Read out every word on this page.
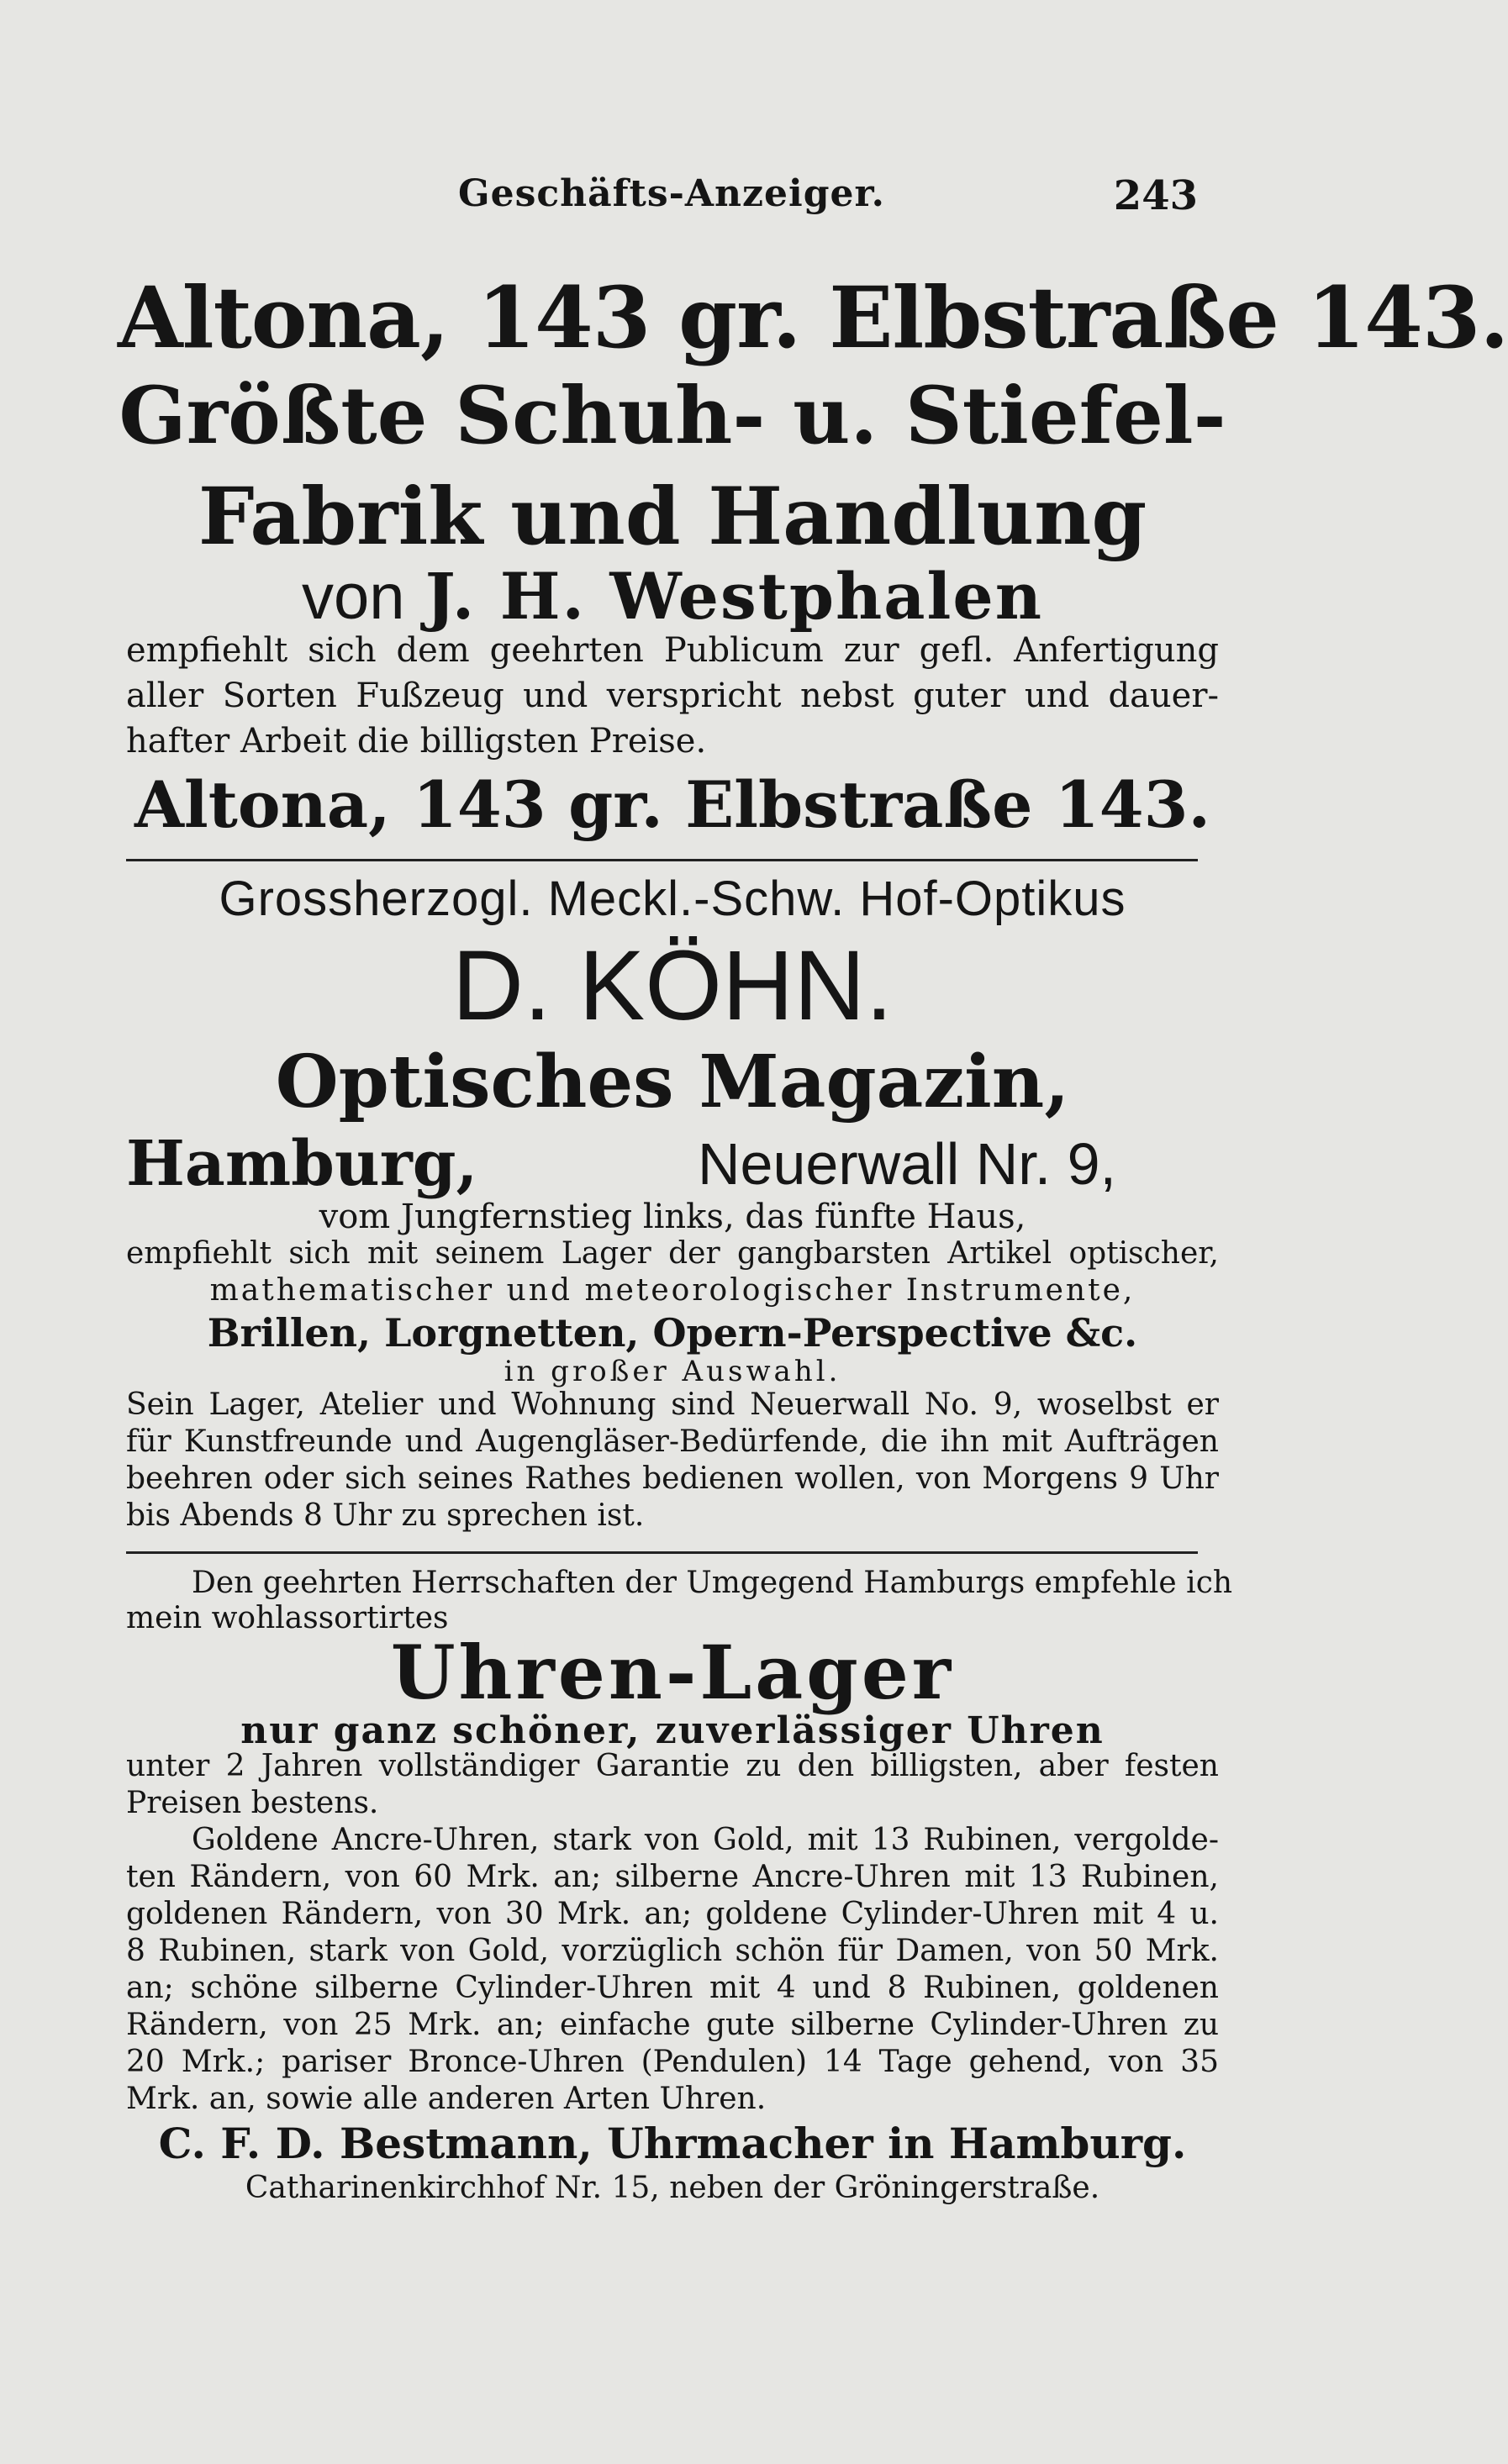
Geschäfts-Anzeiger.	243
Altona, 143 gr. Elbstraße 143.
Größte Schuh- u. Stiefel-
Fabrik und Handlung
von J. H. Westphalen
empfiehlt sich dem geehrten Publicum zur gefl. Anfertigung
aller Sorten Fußzeug und verspricht nebst guter und dauer-
hafter Arbeit die billigsten Preise.
Altona, 143 gr. Elbstraße 143.
Grossherzogl. Meckl.-Schw. Hof-Optikus
D. KÖHN.
Optisches Magazin,
Hamburg,	Neuerwall Nr. 9,
vom Jungfernstieg links, das fünfte Haus,
empfiehlt sich mit seinem Lager der gangbarsten Artikel optischer,
mathematischer und meteorologischer Instrumente,
Brillen, Lorgnetten, Opern-Perspective &c.
in großer Auswahl.
Sein Lager, Atelier und Wohnung sind Neuerwall No. 9, woselbst er
für Kunstfreunde und Augengläser-Bedürfende, die ihn mit Aufträgen
beehren oder sich seines Rathes bedienen wollen, von Morgens 9 Uhr
bis Abends 8 Uhr zu sprechen ist.
Den geehrten Herrschaften der Umgegend Hamburgs empfehle ich
mein wohlassortirtes
Uhren-Lager
nur ganz schöner, zuverlässiger Uhren
unter 2 Jahren vollständiger Garantie zu den billigsten, aber festen
Preisen bestens.
Goldene Ancre-Uhren, stark von Gold, mit 13 Rubinen, vergolde-
ten Rändern, von 60 Mrk. an; silberne Ancre-Uhren mit 13 Rubinen,
goldenen Rändern, von 30 Mrk. an; goldene Cylinder-Uhren mit 4 u.
8 Rubinen, stark von Gold, vorzüglich schön für Damen, von 50 Mrk.
an; schöne silberne Cylinder-Uhren mit 4 und 8 Rubinen, goldenen
Rändern, von 25 Mrk. an; einfache gute silberne Cylinder-Uhren zu
20 Mrk.; pariser Bronce-Uhren (Pendulen) 14 Tage gehend, von 35
Mrk. an, sowie alle anderen Arten Uhren.
C. F. D. Bestmann, Uhrmacher in Hamburg.
Catharinenkirchhof Nr. 15, neben der Gröningerstraße.
